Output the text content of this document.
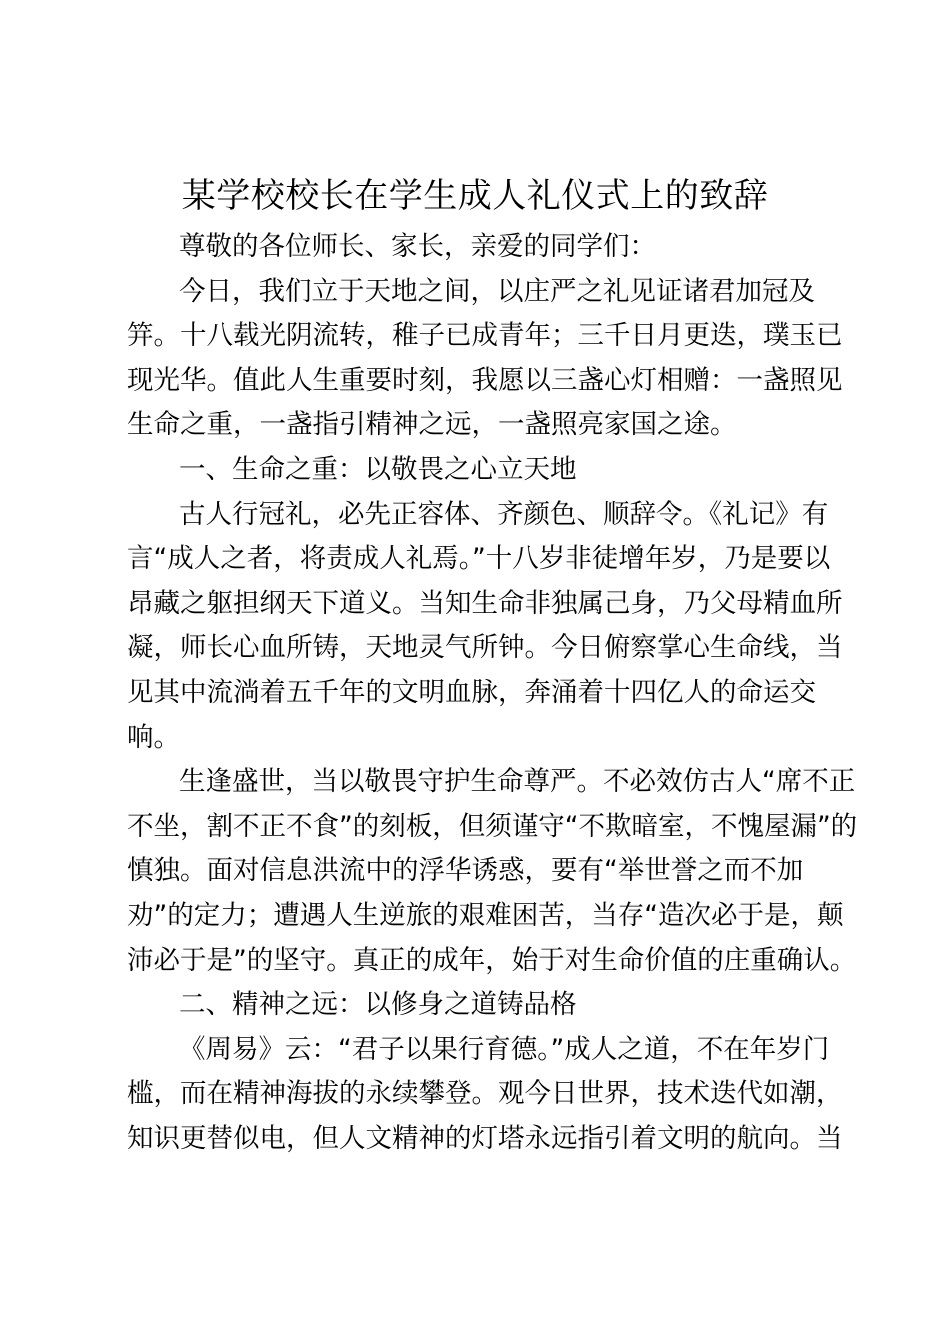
某学校校长在学生成人礼仪式上的致辞
尊敬的各位师长、家长，亲爱的同学们：
今日，我们立于天地之间，以庄严之礼见证诸君加冠及
笄。十八载光阴流转，稚子已成青年；三千日月更迭，璞玉已
现光华。值此人生重要时刻，我愿以三盏心灯相赠：一盏照见
生命之重，一盏指引精神之远，一盏照亮家国之途。
一、生命之重：以敬畏之心立天地
古人行冠礼，必先正容体、齐颜色、顺辞令。《礼记》有
言“成人之者，将责成人礼焉。”十八岁非徒增年岁，乃是要以
昂藏之躯担纲天下道义。当知生命非独属己身，乃父母精血所
凝，师长心血所铸，天地灵气所钟。今日俯察掌心生命线，当
见其中流淌着五千年的文明血脉，奔涌着十四亿人的命运交
响。
生逢盛世，当以敬畏守护生命尊严。不必效仿古人“席不正
不坐，割不正不食”的刻板，但须谨守“不欺暗室，不愧屋漏”的
慎独。面对信息洪流中的浮华诱惑，要有“举世誉之而不加
劝”的定力；遭遇人生逆旅的艰难困苦，当存“造次必于是，颠
沛必于是”的坚守。真正的成年，始于对生命价值的庄重确认。
二、精神之远：以修身之道铸品格
《周易》云：“君子以果行育德。”成人之道，不在年岁门
槛，而在精神海拔的永续攀登。观今日世界，技术迭代如潮，
知识更替似电，但人文精神的灯塔永远指引着文明的航向。当
